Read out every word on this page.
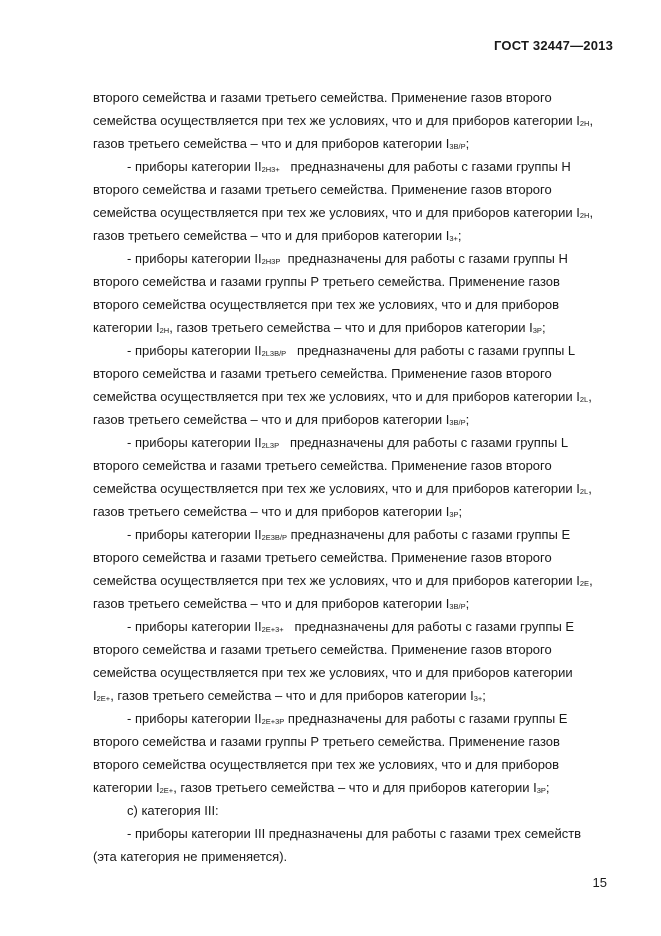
ГОСТ 32447—2013
второго семейства и газами третьего семейства. Применение газов второго
семейства осуществляется при тех же условиях, что и для приборов категории $I_{2H}$,
газов третьего семейства – что и для приборов категории $I_{3B/P}$;
- приборы категории $II_{2H3+}$   предназначены для работы с газами группы H
второго семейства и газами третьего семейства. Применение газов второго
семейства осуществляется при тех же условиях, что и для приборов категории $I_{2H}$,
газов третьего семейства – что и для приборов категории $I_{3+}$;
- приборы категории $II_{2H3P}$  предназначены для работы с газами группы H
второго семейства и газами группы Р третьего семейства. Применение газов
второго семейства осуществляется при тех же условиях, что и для приборов
категории $I_{2H}$, газов третьего семейства – что и для приборов категории $I_{3P}$;
- приборы категории $II_{2L3B/P}$   предназначены для работы с газами группы L
второго семейства и газами третьего семейства. Применение газов второго
семейства осуществляется при тех же условиях, что и для приборов категории $I_{2L}$,
газов третьего семейства – что и для приборов категории $I_{3B/P}$;
- приборы категории $II_{2L3P}$   предназначены для работы с газами группы L
второго семейства и газами третьего семейства. Применение газов второго
семейства осуществляется при тех же условиях, что и для приборов категории $I_{2L}$,
газов третьего семейства – что и для приборов категории $I_{3P}$;
- приборы категории $II_{2E3B/P}$ предназначены для работы с газами группы E
второго семейства и газами третьего семейства. Применение газов второго
семейства осуществляется при тех же условиях, что и для приборов категории $I_{2E}$,
газов третьего семейства – что и для приборов категории $I_{3B/P}$;
- приборы категории $II_{2E+3+}$   предназначены для работы с газами группы E
второго семейства и газами третьего семейства. Применение газов второго
семейства осуществляется при тех же условиях, что и для приборов категории
$I_{2E+}$, газов третьего семейства – что и для приборов категории $I_{3+}$;
- приборы категории $II_{2E+3P}$ предназначены для работы с газами группы E
второго семейства и газами группы Р третьего семейства. Применение газов
второго семейства осуществляется при тех же условиях, что и для приборов
категории $I_{2E+}$, газов третьего семейства – что и для приборов категории $I_{3P}$;
с) категория III:
- приборы категории III предназначены для работы с газами трех семейств
(эта категория не применяется).
15
